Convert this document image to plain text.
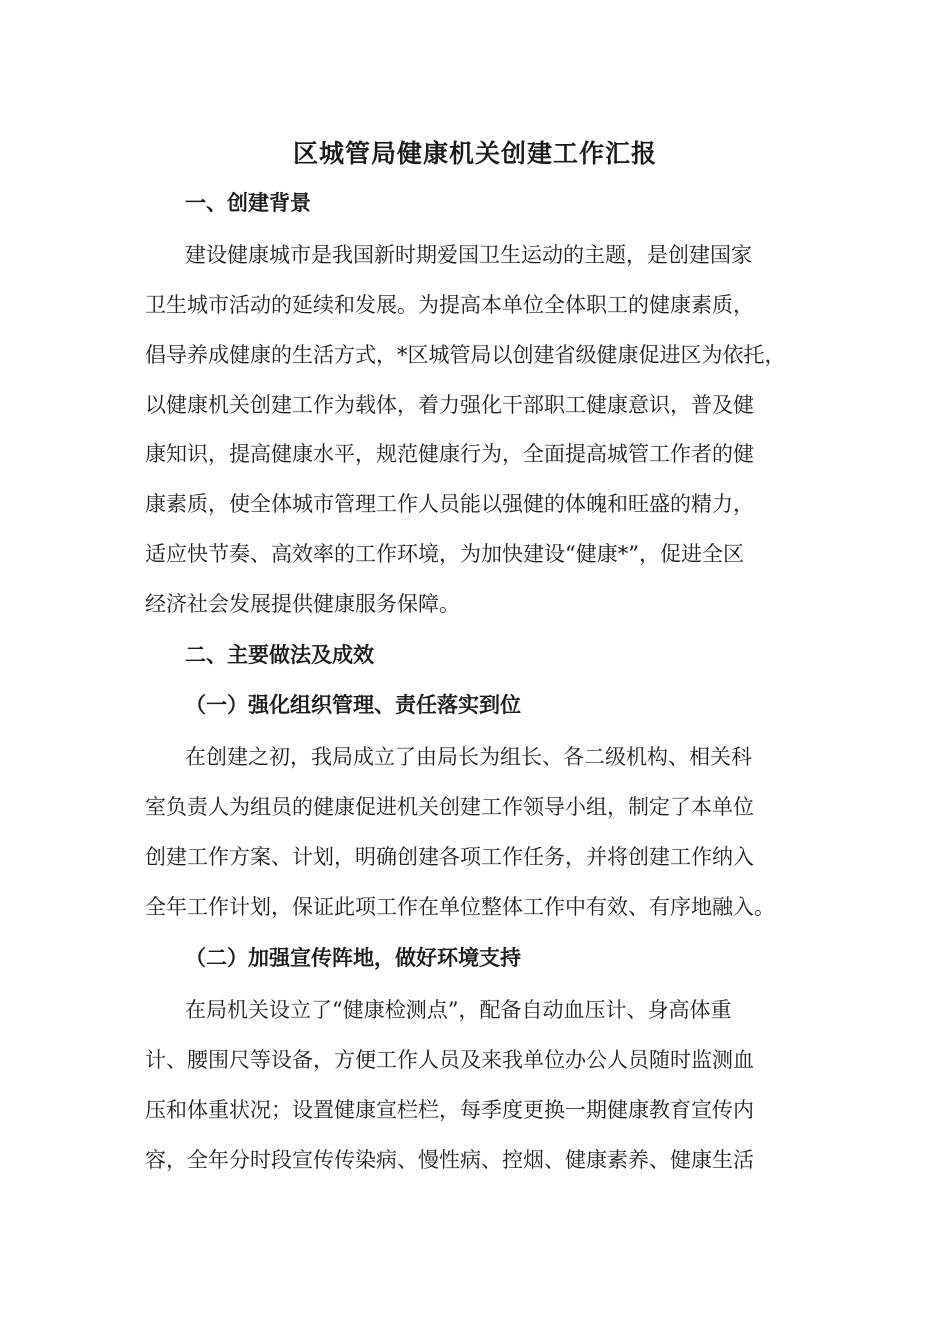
区城管局健康机关创建工作汇报
一、创建背景
建设健康城市是我国新时期爱国卫生运动的主题，是创建国家
卫生城市活动的延续和发展。为提高本单位全体职工的健康素质，
倡导养成健康的生活方式，*区城管局以创建省级健康促进区为依托，
以健康机关创建工作为载体，着力强化干部职工健康意识，普及健
康知识，提高健康水平，规范健康行为，全面提高城管工作者的健
康素质，使全体城市管理工作人员能以强健的体魄和旺盛的精力，
适应快节奏、高效率的工作环境，为加快建设“健康*”，促进全区
经济社会发展提供健康服务保障。
二、主要做法及成效
（一）强化组织管理、责任落实到位
在创建之初，我局成立了由局长为组长、各二级机构、相关科
室负责人为组员的健康促进机关创建工作领导小组，制定了本单位
创建工作方案、计划，明确创建各项工作任务，并将创建工作纳入
全年工作计划，保证此项工作在单位整体工作中有效、有序地融入。
（二）加强宣传阵地，做好环境支持
在局机关设立了“健康检测点”，配备自动血压计、身高体重
计、腰围尺等设备，方便工作人员及来我单位办公人员随时监测血
压和体重状况；设置健康宣栏栏，每季度更换一期健康教育宣传内
容，全年分时段宣传传染病、慢性病、控烟、健康素养、健康生活
